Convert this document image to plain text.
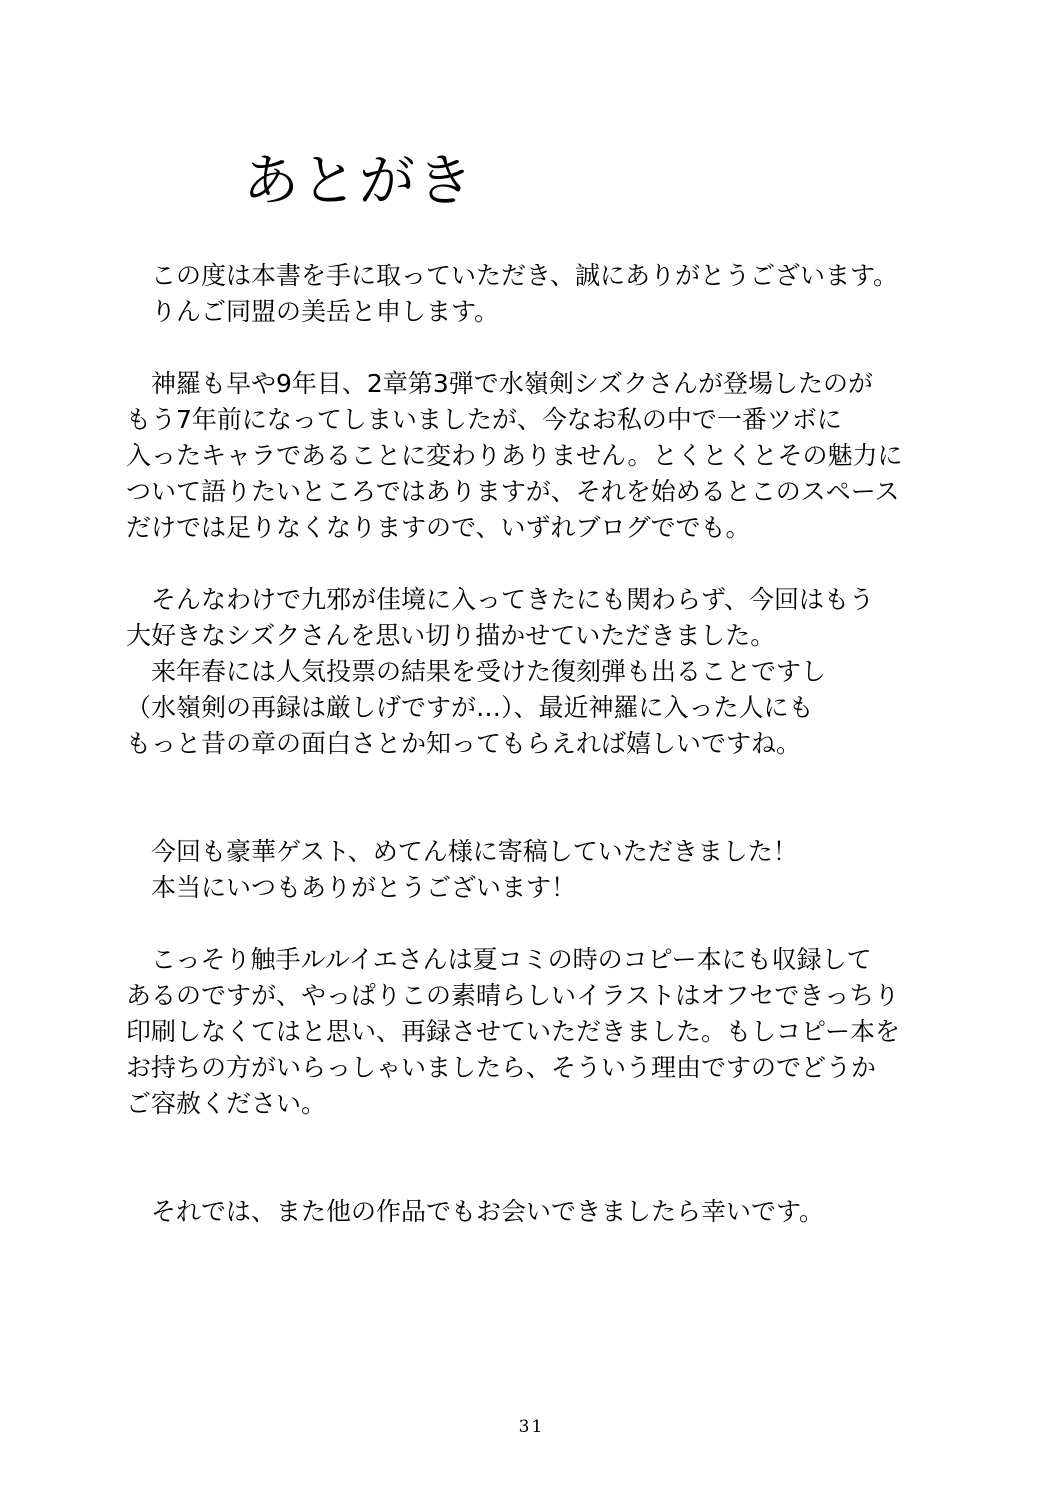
あとがき
　この度は本書を手に取っていただき、誠にありがとうございます。
　りんご同盟の美岳と申します。
　神羅も早や9年目、2章第3弾で水嶺剣シズクさんが登場したのが
もう7年前になってしまいましたが、今なお私の中で一番ツボに
入ったキャラであることに変わりありません。とくとくとその魅力に
ついて語りたいところではありますが、それを始めるとこのスペース
だけでは足りなくなりますので、いずれブログででも。
　そんなわけで九邪が佳境に入ってきたにも関わらず、今回はもう
大好きなシズクさんを思い切り描かせていただきました。
　来年春には人気投票の結果を受けた復刻弾も出ることですし
（水嶺剣の再録は厳しげですが…）、最近神羅に入った人にも
もっと昔の章の面白さとか知ってもらえれば嬉しいですね。
　今回も豪華ゲスト、めてん様に寄稿していただきました！
　本当にいつもありがとうございます！
　こっそり触手ルルイエさんは夏コミの時のコピー本にも収録して
あるのですが、やっぱりこの素晴らしいイラストはオフセできっちり
印刷しなくてはと思い、再録させていただきました。もしコピー本を
お持ちの方がいらっしゃいましたら、そういう理由ですのでどうか
ご容赦ください。
　それでは、また他の作品でもお会いできましたら幸いです。
31
